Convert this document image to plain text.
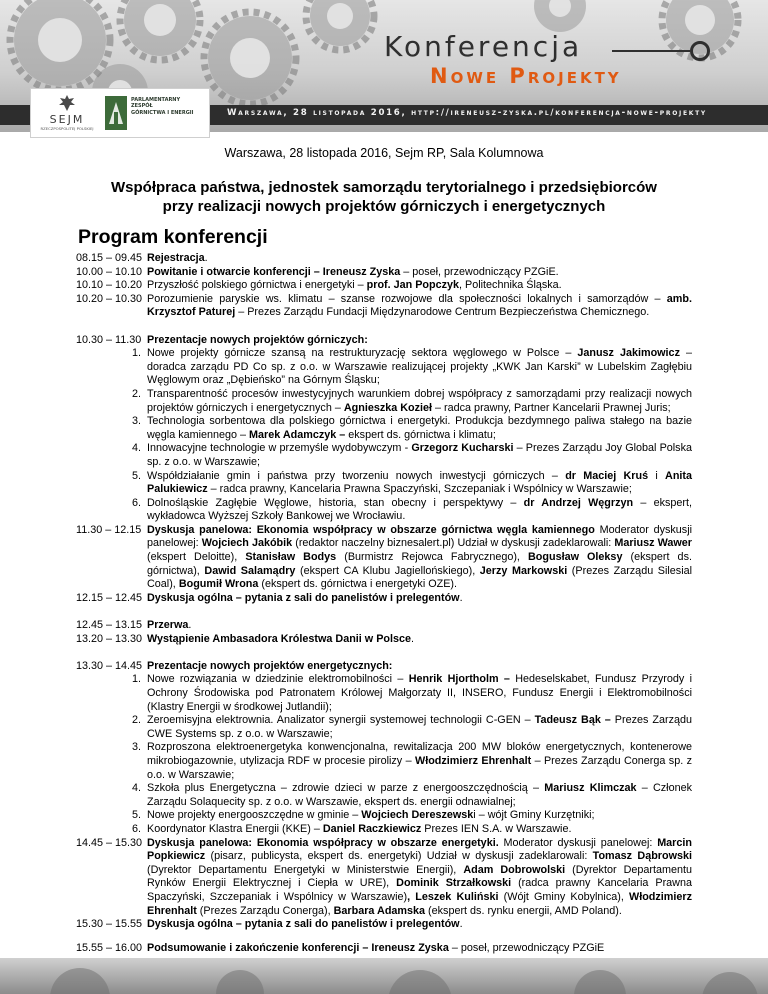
Konferencja
Nowe Projekty

Warszawa, 28 listopada 2016, http://ireneusz-zyska.pl/konferencja-nowe-projekty

SEJM
RZECZPOSPOLITEJ POLSKIEJ
PARLAMENTARNY
ZESPÓŁ
GÓRNICTWA I ENERGII

Warszawa, 28 listopada 2016, Sejm RP, Sala Kolumnowa

Współpraca państwa, jednostek samorządu terytorialnego i przedsiębiorców
przy realizacji nowych projektów górniczych i energetycznych
Program konferencji
08.15 – 09.45 Rejestracja.
10.00 – 10.10 Powitanie i otwarcie konferencji – Ireneusz Zyska – poseł, przewodniczący PZGiE.
10.10 – 10.20 Przyszłość polskiego górnictwa i energetyki – prof. Jan Popczyk, Politechnika Śląska.
10.20 – 10.30 Porozumienie paryskie ws. klimatu – szanse rozwojowe dla społeczności lokalnych i samorządów – amb. Krzysztof Paturej – Prezes Zarządu Fundacji Międzynarodowe Centrum Bezpieczeństwa Chemicznego.
10.30 – 11.30 Prezentacje nowych projektów górniczych:
1. Nowe projekty górnicze szansą na restrukturyzację sektora węglowego w Polsce – Janusz Jakimowicz – doradca zarządu PD Co sp. z o.o. w Warszawie realizującej projekty „KWK Jan Karski” w Lubelskim Zagłębiu Węglowym oraz „Dębieńsko” na Górnym Śląsku;
2. Transparentność procesów inwestycyjnych warunkiem dobrej współpracy z samorządami przy realizacji nowych projektów górniczych i energetycznych – Agnieszka Kozieł – radca prawny, Partner Kancelarii Prawnej Juris;
3. Technologia sorbentowa dla polskiego górnictwa i energetyki. Produkcja bezdymnego paliwa stałego na bazie węgla kamiennego – Marek Adamczyk – ekspert ds. górnictwa i klimatu;
4. Innowacyjne technologie w przemyśle wydobywczym - Grzegorz Kucharski – Prezes Zarządu Joy Global Polska sp. z o.o. w Warszawie;
5. Współdziałanie gmin i państwa przy tworzeniu nowych inwestycji górniczych – dr Maciej Kruś i Anita Palukiewicz – radca prawny, Kancelaria Prawna Spaczyński, Szczepaniak i Wspólnicy w Warszawie;
6. Dolnośląskie Zagłębie Węglowe, historia, stan obecny i perspektywy – dr Andrzej Węgrzyn – ekspert, wykładowca Wyższej Szkoły Bankowej we Wrocławiu.
11.30 – 12.15 Dyskusja panelowa: Ekonomia współpracy w obszarze górnictwa węgla kamiennego Moderator dyskusji panelowej: Wojciech Jakóbik (redaktor naczelny biznesalert.pl) Udział w dyskusji zadeklarowali: Mariusz Wawer (ekspert Deloitte), Stanisław Bodys (Burmistrz Rejowca Fabrycznego), Bogusław Oleksy (ekspert ds. górnictwa), Dawid Salamądry (ekspert CA Klubu Jagiellońskiego), Jerzy Markowski (Prezes Zarządu Silesial Coal), Bogumił Wrona (ekspert ds. górnictwa i energetyki OZE).
12.15 – 12.45 Dyskusja ogólna – pytania z sali do panelistów i prelegentów.
12.45 – 13.15 Przerwa.
13.20 – 13.30 Wystąpienie Ambasadora Królestwa Danii w Polsce.
13.30 – 14.45 Prezentacje nowych projektów energetycznych:
1. Nowe rozwiązania w dziedzinie elektromobilności – Henrik Hjortholm – Hedeselskabet, Fundusz Przyrody i Ochrony Środowiska pod Patronatem Królowej Małgorzaty II, INSERO, Fundusz Energii i Elektromobilności (Klastry Energii w środkowej Jutlandii);
2. Zeroemisyjna elektrownia. Analizator synergii systemowej technologii C-GEN – Tadeusz Bąk – Prezes Zarządu CWE Systems sp. z o.o. w Warszawie;
3. Rozproszona elektroenergetyka konwencjonalna, rewitalizacja 200 MW bloków energetycznych, kontenerowe mikrobiogazownie, utylizacja RDF w procesie pirolizy – Włodzimierz Ehrenhalt – Prezes Zarządu Conerga sp. z o.o. w Warszawie;
4. Szkoła plus Energetyczna – zdrowie dzieci w parze z energooszczędnością – Mariusz Klimczak – Członek Zarządu Solaquecity sp. z o.o. w Warszawie, ekspert ds. energii odnawialnej;
5. Nowe projekty energooszczędne w gminie – Wojciech Dereszewski – wójt Gminy Kurzętniki;
6. Koordynator Klastra Energii (KKE) – Daniel Raczkiewicz Prezes IEN S.A. w Warszawie.
14.45 – 15.30 Dyskusja panelowa: Ekonomia współpracy w obszarze energetyki. Moderator dyskusji panelowej: Marcin Popkiewicz (pisarz, publicysta, ekspert ds. energetyki) Udział w dyskusji zadeklarowali: Tomasz Dąbrowski (Dyrektor Departamentu Energetyki w Ministerstwie Energii), Adam Dobrowolski (Dyrektor Departamentu Rynków Energii Elektrycznej i Ciepła w URE), Dominik Strzałkowski (radca prawny Kancelaria Prawna Spaczyński, Szczepaniak i Wspólnicy w Warszawie), Leszek Kuliński (Wójt Gminy Kobylnica), Włodzimierz Ehrenhalt (Prezes Zarządu Conerga), Barbara Adamska (ekspert ds. rynku energii, AMD Poland).
15.30 – 15.55 Dyskusja ogólna – pytania z sali do panelistów i prelegentów.
15.55 – 16.00 Podsumowanie i zakończenie konferencji – Ireneusz Zyska – poseł, przewodniczący PZGiE
